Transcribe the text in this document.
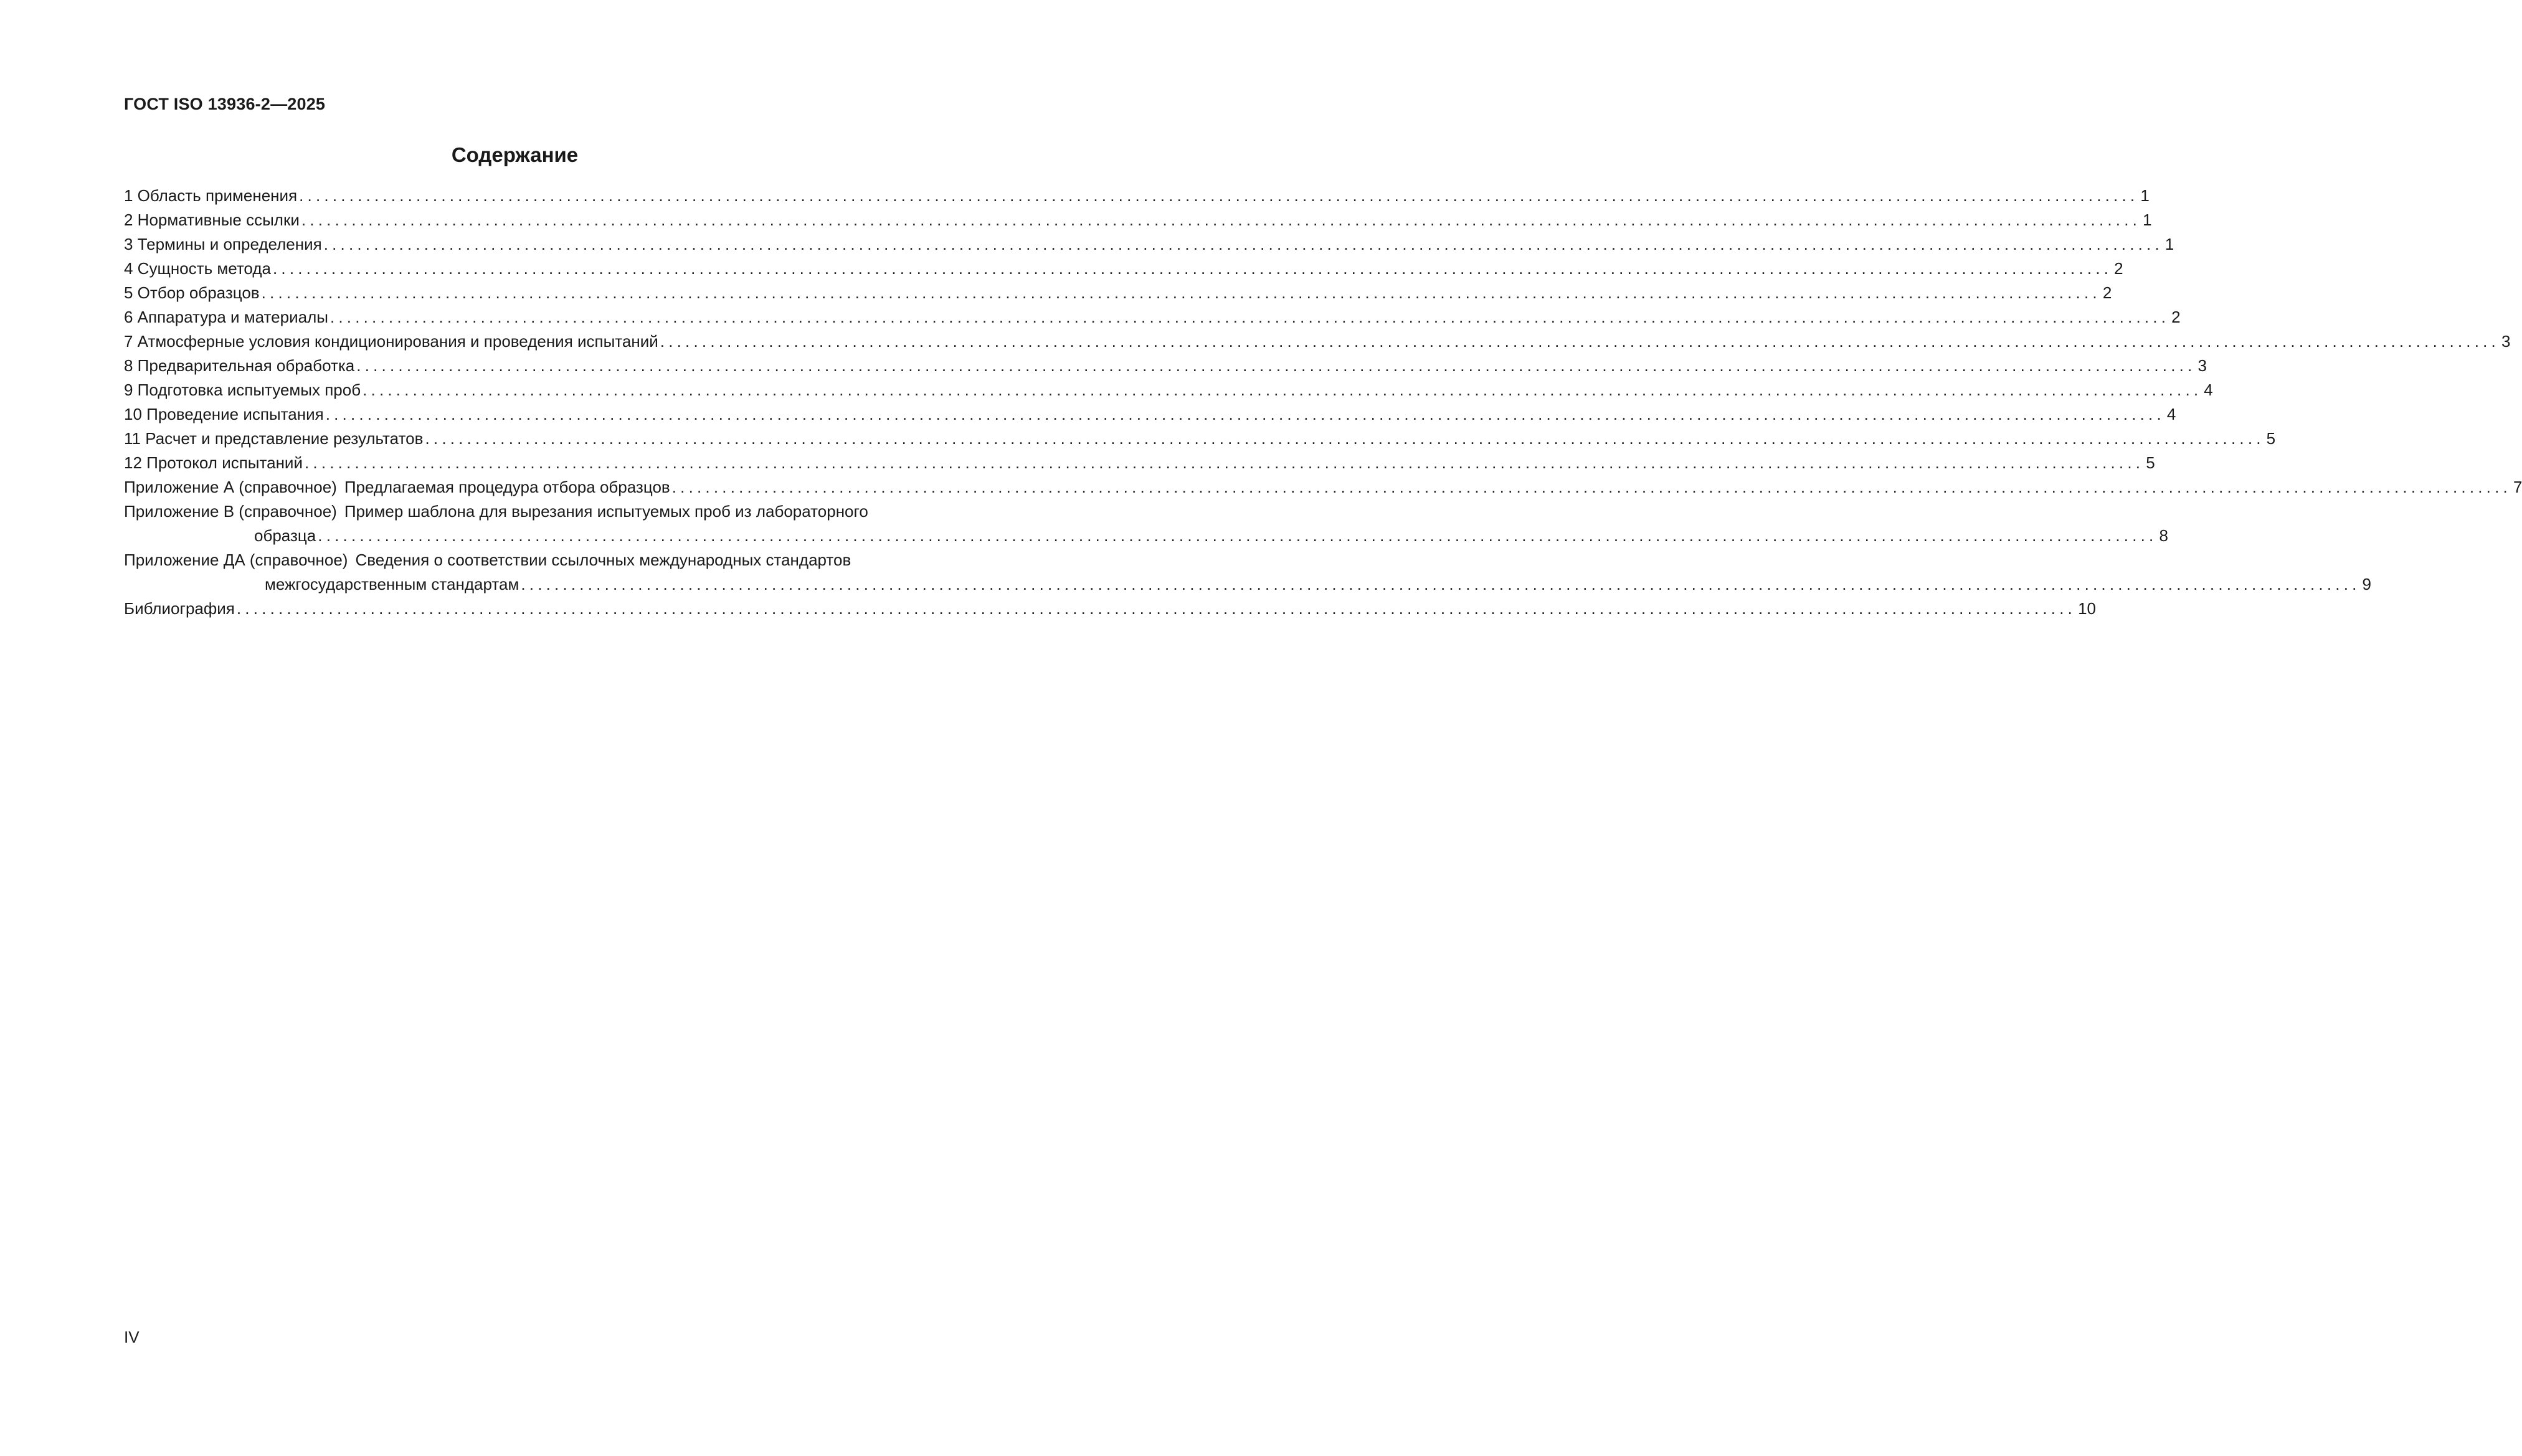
ГОСТ ISO 13936-2—2025
Содержание
1 Область применения ............................................................................................................................................................................................................................ 1
2 Нормативные ссылки ............................................................................................................................................................................................................................ 1
3 Термины и определения ............................................................................................................................................................................................................................ 1
4 Сущность метода ............................................................................................................................................................................................................................ 2
5 Отбор образцов ............................................................................................................................................................................................................................ 2
6 Аппаратура и материалы ............................................................................................................................................................................................................................ 2
7 Атмосферные условия кондиционирования и проведения испытаний ............................................................................................................................................................................................................................ 3
8 Предварительная обработка ............................................................................................................................................................................................................................ 3
9 Подготовка испытуемых проб ............................................................................................................................................................................................................................ 4
10 Проведение испытания ............................................................................................................................................................................................................................ 4
11 Расчет и представление результатов ............................................................................................................................................................................................................................ 5
12 Протокол испытаний ............................................................................................................................................................................................................................ 5
Приложение А (справочное) Предлагаемая процедура отбора образцов ............................................................................................................................................................................................................................ 7
Приложение В (справочное) Пример шаблона для вырезания испытуемых проб из лабораторного
образца ............................................................................................................................................................................................................................ 8
Приложение ДА (справочное) Сведения о соответствии ссылочных международных стандартов
межгосударственным стандартам ............................................................................................................................................................................................................................ 9
Библиография ............................................................................................................................................................................................................................ 10
IV
